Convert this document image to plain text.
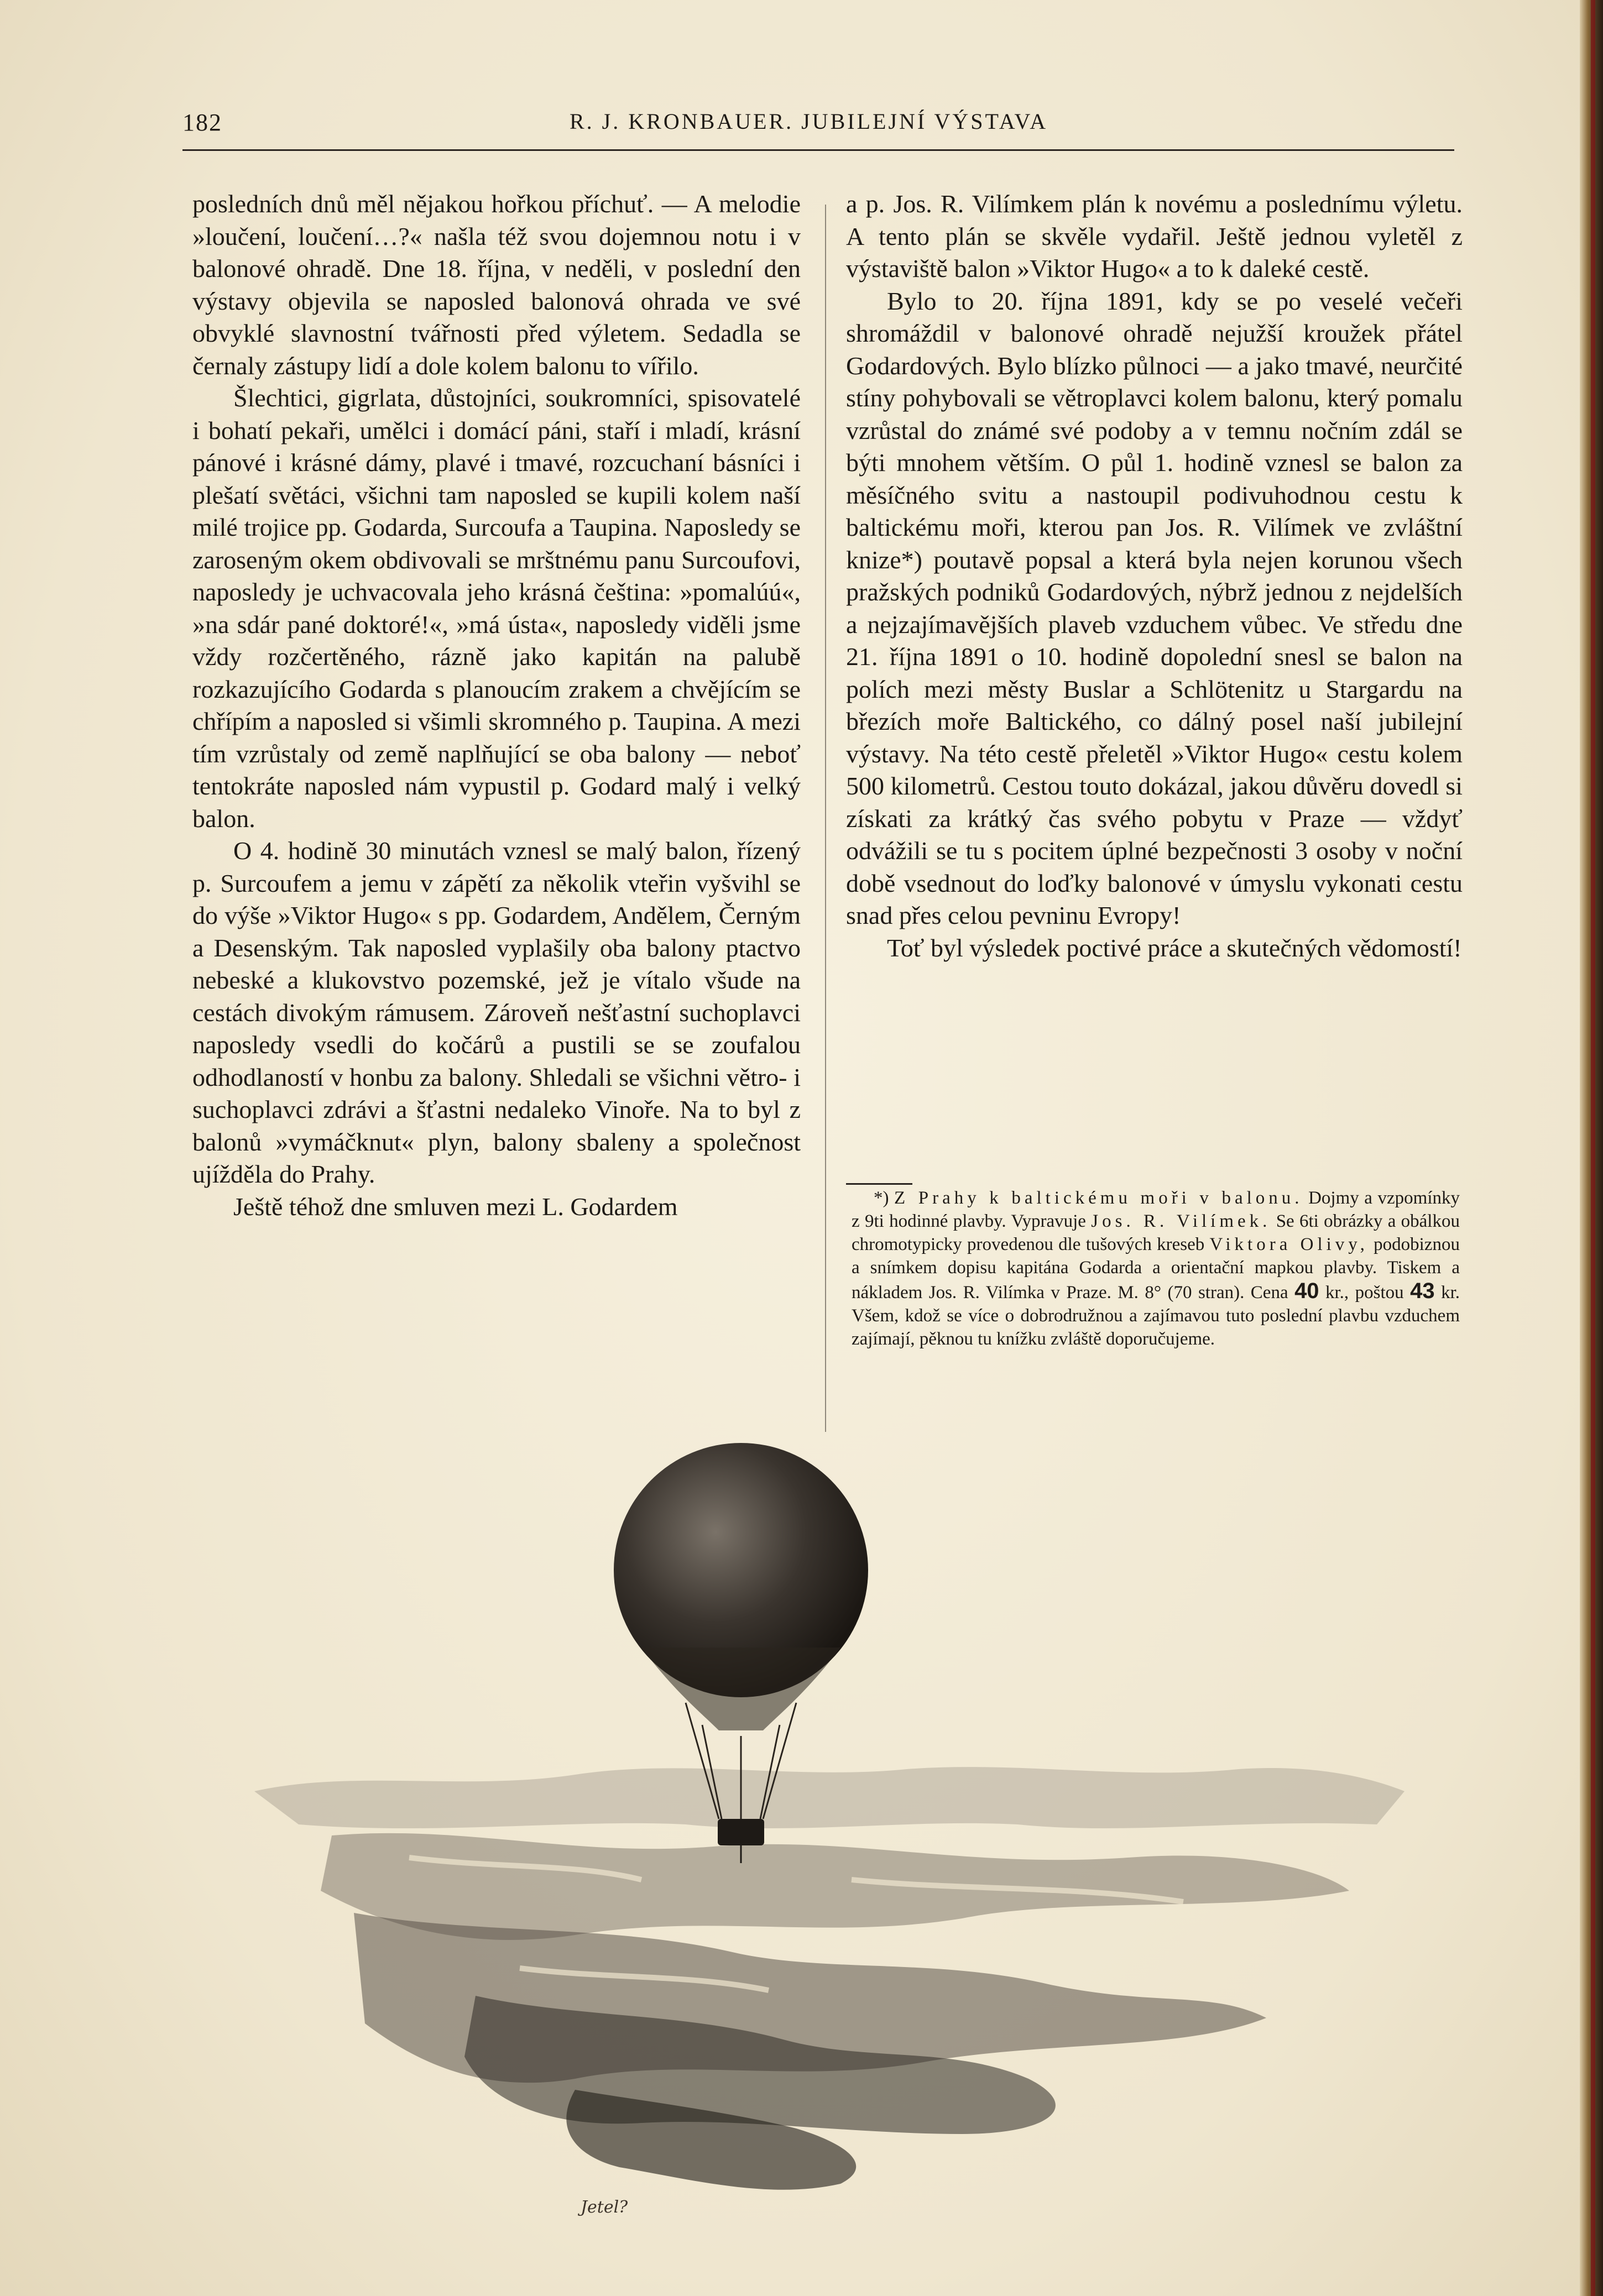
182	R. J. KRONBAUER. JUBILEJNÍ VÝSTAVA

posledních dnů měl nějakou hořkou příchuť. — A melodie »loučení, loučení…?« našla též svou dojemnou notu i v balonové ohradě. Dne 18. října, v neděli, v poslední den výstavy objevila se naposled balonová ohrada ve své obvyklé slavnostní tvářnosti před výletem. Sedadla se černaly zástupy lidí a dole kolem balonu to vířilo.

Šlechtici, gigrlata, důstojníci, soukromníci, spisovatelé i bohatí pekaři, umělci i domácí páni, staří i mladí, krásní pánové i krásné dámy, plavé i tmavé, rozcuchaní básníci i plešatí světáci, všichni tam naposled se kupili kolem naší milé trojice pp. Godarda, Surcoufa a Taupina. Naposledy se zaroseným okem obdivovali se mrštnému panu Surcoufovi, naposledy je uchvacovala jeho krásná čeština: »pomalúú«, »na sdár pané doktoré!«, »má ústa«, naposledy viděli jsme vždy rozčertěného, rázně jako kapitán na palubě rozkazujícího Godarda s planoucím zrakem a chvějícím se chřípím a naposled si všimli skromného p. Taupina. A mezi tím vzrůstaly od země naplňující se oba balony — neboť tentokráte naposled nám vypustil p. Godard malý i velký balon.

O 4. hodině 30 minutách vznesl se malý balon, řízený p. Surcoufem a jemu v zápětí za několik vteřin vyšvihl se do výše »Viktor Hugo« s pp. Godardem, Andělem, Černým a Desenským. Tak naposled vyplašily oba balony ptactvo nebeské a klukovstvo pozemské, jež je vítalo všude na cestách divokým rámusem. Zároveň nešťastní suchoplavci naposledy vsedli do kočárů a pustili se se zoufalou odhodlaností v honbu za balony. Shledali se všichni větro- i suchoplavci zdrávi a šťastni nedaleko Vinoře. Na to byl z balonů »vymáčknut« plyn, balony sbaleny a společnost ujížděla do Prahy.

Ještě téhož dne smluven mezi L. Godardem

a p. Jos. R. Vilímkem plán k novému a poslednímu výletu. A tento plán se skvěle vydařil. Ještě jednou vyletěl z výstaviště balon »Viktor Hugo« a to k daleké cestě.

Bylo to 20. října 1891, kdy se po veselé večeři shromáždil v balonové ohradě nejužší kroužek přátel Godardových. Bylo blízko půlnoci — a jako tmavé, neurčité stíny pohybovali se větroplavci kolem balonu, který pomalu vzrůstal do známé své podoby a v temnu nočním zdál se býti mnohem větším. O půl 1. hodině vznesl se balon za měsíčného svitu a nastoupil podivuhodnou cestu k baltickému moři, kterou pan Jos. R. Vilímek ve zvláštní knize*) poutavě popsal a která byla nejen korunou všech pražských podniků Godardových, nýbrž jednou z nejdelších a nejzajímavějších plaveb vzduchem vůbec. Ve středu dne 21. října 1891 o 10. hodině dopolední snesl se balon na polích mezi městy Buslar a Schlötenitz u Stargardu na březích moře Baltického, co dálný posel naší jubilejní výstavy. Na této cestě přeletěl »Viktor Hugo« cestu kolem 500 kilometrů. Cestou touto dokázal, jakou důvěru dovedl si získati za krátký čas svého pobytu v Praze — vždyť odvážili se tu s pocitem úplné bezpečnosti 3 osoby v noční době vsednout do loďky balonové v úmyslu vykonati cestu snad přes celou pevninu Evropy!

Toť byl výsledek poctivé práce a skutečných vědomostí!

*) Z Prahy k baltickému moři v balonu. Dojmy a vzpomínky z 9ti hodinné plavby. Vypravuje Jos. R. Vilímek. Se 6ti obrázky a obálkou chromotypicky provedenou dle tušových kreseb Viktora Olivy, podobiznou a snímkem dopisu kapitána Godarda a orientační mapkou plavby. Tiskem a nákladem Jos. R. Vilímka v Praze. M. 8° (70 stran). Cena 40 kr., poštou 43 kr. Všem, kdož se více o dobrodružnou a zajímavou tuto poslední plavbu vzduchem zajímají, pěknou tu knížku zvláště doporučujeme.

Jetel?
